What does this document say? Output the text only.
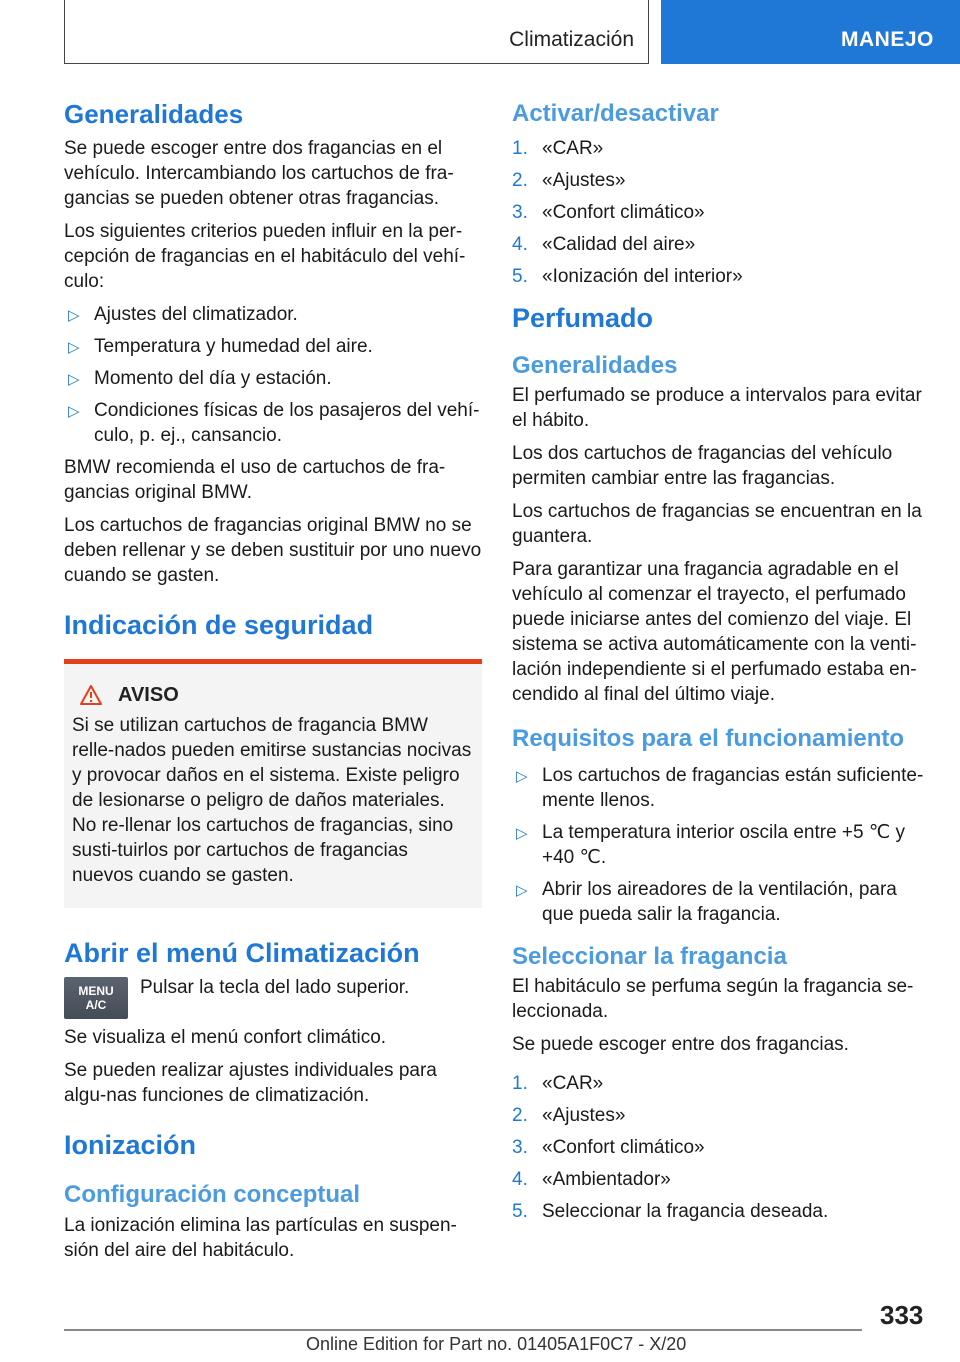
Climatización	MANEJO
Generalidades

Se puede escoger entre dos fragancias en el vehículo. Intercambiando los cartuchos de fra‐gancias se pueden obtener otras fragancias.

Los siguientes criterios pueden influir en la per‐cepción de fragancias en el habitáculo del vehí‐culo:

▷ Ajustes del climatizador.
▷ Temperatura y humedad del aire.
▷ Momento del día y estación.
▷ Condiciones físicas de los pasajeros del vehí‐culo, p. ej., cansancio.

BMW recomienda el uso de cartuchos de fra‐gancias original BMW.

Los cartuchos de fragancias original BMW no se deben rellenar y se deben sustituir por uno nuevo cuando se gasten.

Indicación de seguridad
AVISO

Si se utilizan cartuchos de fragancia BMW relle‐nados pueden emitirse sustancias nocivas y provocar daños en el sistema. Existe peligro de lesionarse o peligro de daños materiales. No re‐llenar los cartuchos de fragancias, sino susti‐tuirlos por cartuchos de fragancias nuevos cuando se gasten.

Abrir el menú Climatización
MENU
A/C

Pulsar la tecla del lado superior.

Se visualiza el menú confort climático.

Se pueden realizar ajustes individuales para algu‐nas funciones de climatización.

Ionización
Configuración conceptual

La ionización elimina las partículas en suspen‐sión del aire del habitáculo.

Activar/desactivar
1. «CAR»
2. «Ajustes»
3. «Confort climático»
4. «Calidad del aire»
5. «Ionización del interior»
Perfumado
Generalidades

El perfumado se produce a intervalos para evitar el hábito.

Los dos cartuchos de fragancias del vehículo permiten cambiar entre las fragancias.

Los cartuchos de fragancias se encuentran en la guantera.

Para garantizar una fragancia agradable en el vehículo al comenzar el trayecto, el perfumado puede iniciarse antes del comienzo del viaje. El sistema se activa automáticamente con la venti‐lación independiente si el perfumado estaba en‐cendido al final del último viaje.

Requisitos para el funcionamiento
▷ Los cartuchos de fragancias están suficiente‐mente llenos.
▷ La temperatura interior oscila entre +5 ℃ y +40 ℃.
▷ Abrir los aireadores de la ventilación, para que pueda salir la fragancia.
Seleccionar la fragancia

El habitáculo se perfuma según la fragancia se‐leccionada.

Se puede escoger entre dos fragancias.

1. «CAR»
2. «Ajustes»
3. «Confort climático»
4. «Ambientador»
5. Seleccionar la fragancia deseada.
333
Online Edition for Part no. 01405A1F0C7 - X/20
